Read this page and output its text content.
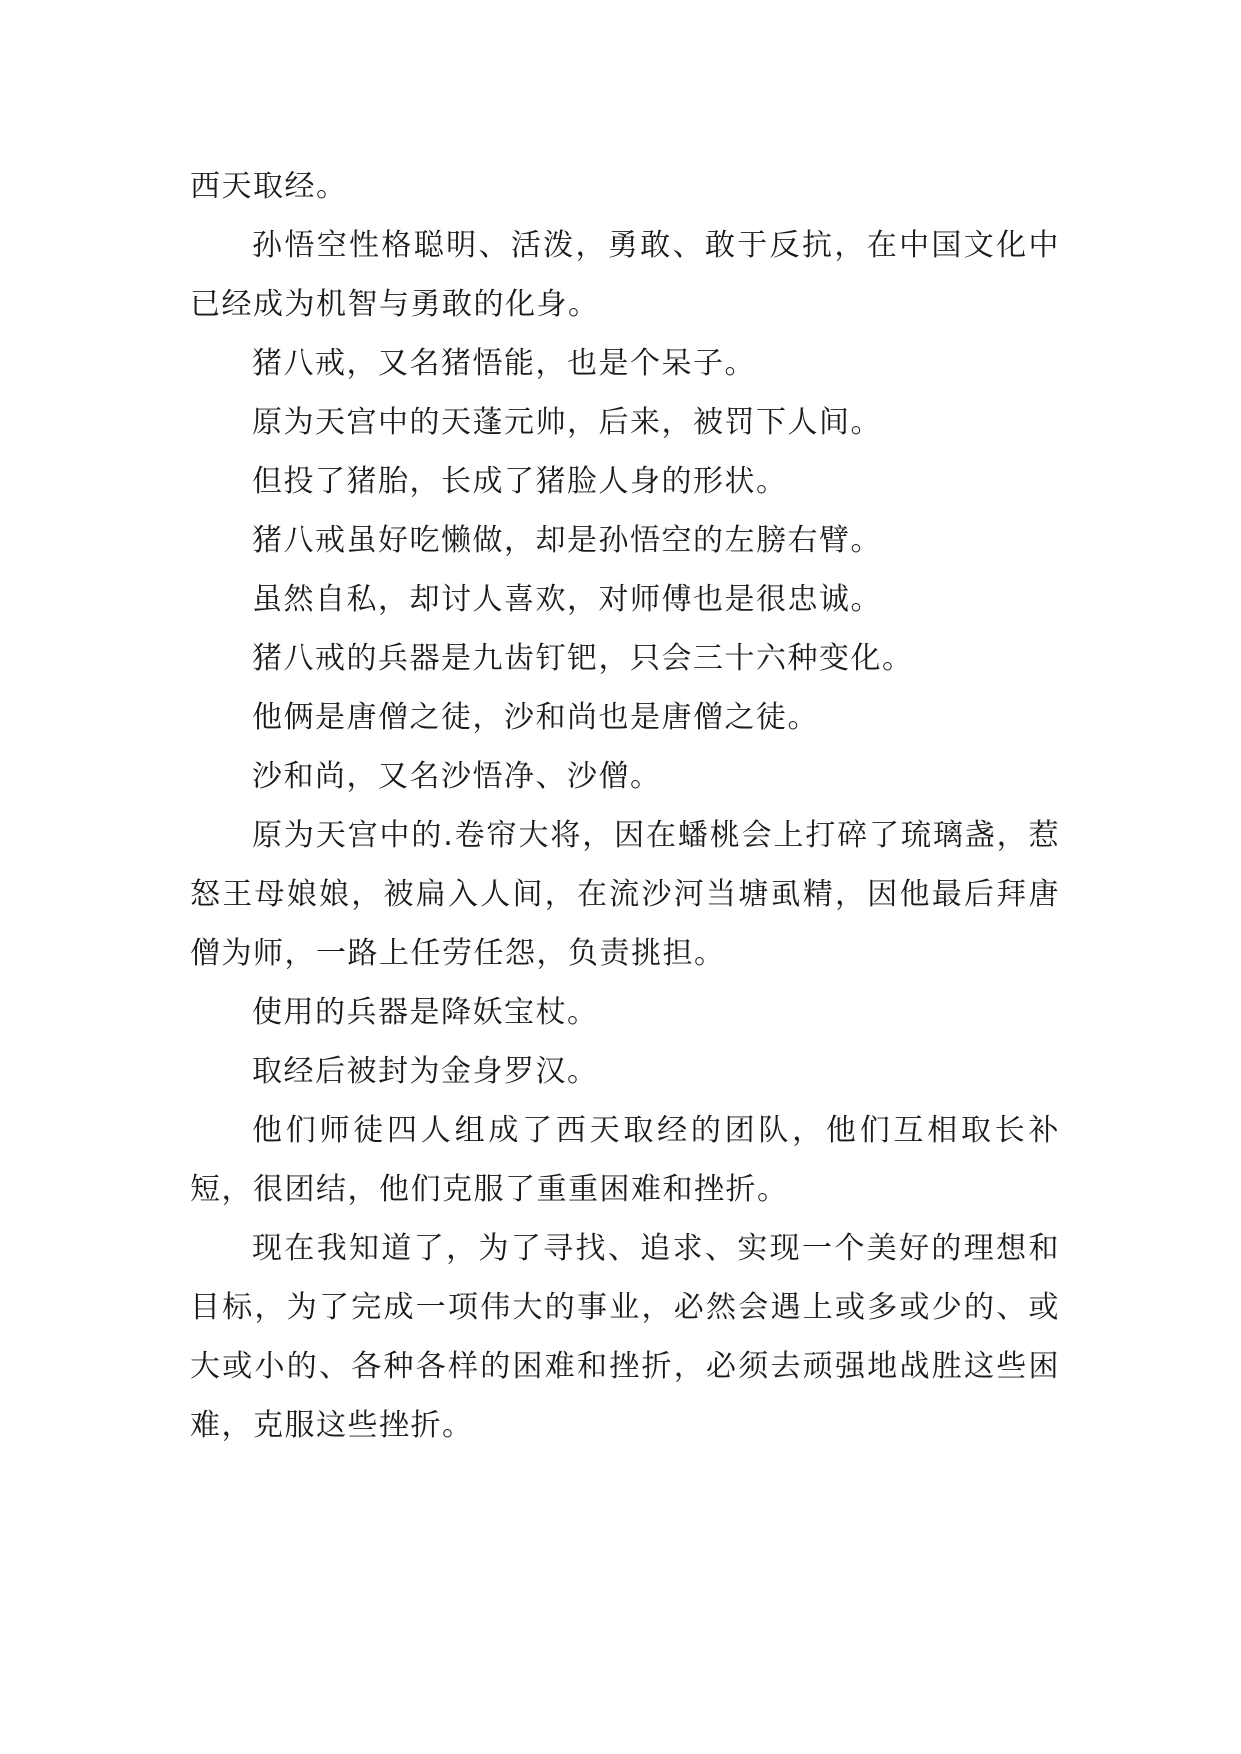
西天取经。

孙悟空性格聪明、活泼，勇敢、敢于反抗，在中国文化中已经成为机智与勇敢的化身。

猪八戒，又名猪悟能，也是个呆子。

原为天宫中的天蓬元帅，后来，被罚下人间。

但投了猪胎，长成了猪脸人身的形状。

猪八戒虽好吃懒做，却是孙悟空的左膀右臂。

虽然自私，却讨人喜欢，对师傅也是很忠诚。

猪八戒的兵器是九齿钉钯，只会三十六种变化。

他俩是唐僧之徒，沙和尚也是唐僧之徒。

沙和尚，又名沙悟净、沙僧。

原为天宫中的.卷帘大将，因在蟠桃会上打碎了琉璃盏，惹怒王母娘娘，被扁入人间，在流沙河当塘虱精，因他最后拜唐僧为师，一路上任劳任怨，负责挑担。

使用的兵器是降妖宝杖。

取经后被封为金身罗汉。

他们师徒四人组成了西天取经的团队，他们互相取长补短，很团结，他们克服了重重困难和挫折。

现在我知道了，为了寻找、追求、实现一个美好的理想和目标，为了完成一项伟大的事业，必然会遇上或多或少的、或大或小的、各种各样的困难和挫折，必须去顽强地战胜这些困难，克服这些挫折。
